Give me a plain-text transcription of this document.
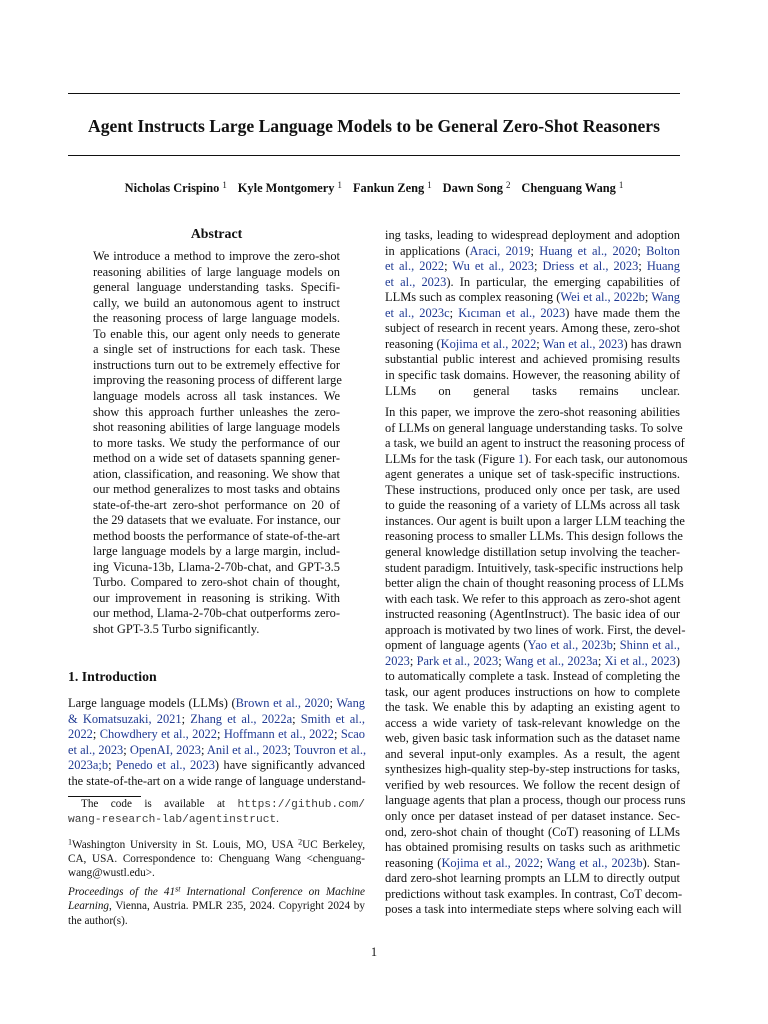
Agent Instructs Large Language Models to be General Zero-Shot Reasoners
Nicholas Crispino $^1$ Kyle Montgomery $^1$ Fankun Zeng $^1$ Dawn Song $^2$ Chenguang Wang $^1$
Abstract
We introduce a method to improve the zero-shot
reasoning abilities of large language models on
general language understanding tasks. Specifi-
cally, we build an autonomous agent to instruct
the reasoning process of large language models.
To enable this, our agent only needs to generate
a single set of instructions for each task. These
instructions turn out to be extremely effective for
improving the reasoning process of different large
language models across all task instances. We
show this approach further unleashes the zero-
shot reasoning abilities of large language models
to more tasks. We study the performance of our
method on a wide set of datasets spanning gener-
ation, classification, and reasoning. We show that
our method generalizes to most tasks and obtains
state-of-the-art zero-shot performance on 20 of
the 29 datasets that we evaluate. For instance, our
method boosts the performance of state-of-the-art
large language models by a large margin, includ-
ing Vicuna-13b, Llama-2-70b-chat, and GPT-3.5
Turbo. Compared to zero-shot chain of thought,
our improvement in reasoning is striking. With
our method, Llama-2-70b-chat outperforms zero-
shot GPT-3.5 Turbo significantly.
1. Introduction
Large language models (LLMs) (Brown et al., 2020; Wang
& Komatsuzaki, 2021; Zhang et al., 2022a; Smith et al.,
2022; Chowdhery et al., 2022; Hoffmann et al., 2022; Scao
et al., 2023; OpenAI, 2023; Anil et al., 2023; Touvron et al.,
2023a;b; Penedo et al., 2023) have significantly advanced
the state-of-the-art on a wide range of language understand-
The code is available at https://github.com/
wang-research-lab/agentinstruct.
$^1$Washington University in St. Louis, MO, USA $^2$UC Berkeley,
CA, USA. Correspondence to: Chenguang Wang <chenguang-
wang@wustl.edu>.
Proceedings of the 41st International Conference on Machine
Learning, Vienna, Austria. PMLR 235, 2024. Copyright 2024 by
the author(s).
ing tasks, leading to widespread deployment and adoption
in applications (Araci, 2019; Huang et al., 2020; Bolton
et al., 2022; Wu et al., 2023; Driess et al., 2023; Huang
et al., 2023). In particular, the emerging capabilities of
LLMs such as complex reasoning (Wei et al., 2022b; Wang
et al., 2023c; Kıcıman et al., 2023) have made them the
subject of research in recent years. Among these, zero-shot
reasoning (Kojima et al., 2022; Wan et al., 2023) has drawn
substantial public interest and achieved promising results
in specific task domains. However, the reasoning ability of
LLMs on general tasks remains unclear.
In this paper, we improve the zero-shot reasoning abilities
of LLMs on general language understanding tasks. To solve
a task, we build an agent to instruct the reasoning process of
LLMs for the task (Figure 1). For each task, our autonomous
agent generates a unique set of task-specific instructions.
These instructions, produced only once per task, are used
to guide the reasoning of a variety of LLMs across all task
instances. Our agent is built upon a larger LLM teaching the
reasoning process to smaller LLMs. This design follows the
general knowledge distillation setup involving the teacher-
student paradigm. Intuitively, task-specific instructions help
better align the chain of thought reasoning process of LLMs
with each task. We refer to this approach as zero-shot agent
instructed reasoning (AgentInstruct). The basic idea of our
approach is motivated by two lines of work. First, the devel-
opment of language agents (Yao et al., 2023b; Shinn et al.,
2023; Park et al., 2023; Wang et al., 2023a; Xi et al., 2023)
to automatically complete a task. Instead of completing the
task, our agent produces instructions on how to complete
the task. We enable this by adapting an existing agent to
access a wide variety of task-relevant knowledge on the
web, given basic task information such as the dataset name
and several input-only examples. As a result, the agent
synthesizes high-quality step-by-step instructions for tasks,
verified by web resources. We follow the recent design of
language agents that plan a process, though our process runs
only once per dataset instead of per dataset instance. Sec-
ond, zero-shot chain of thought (CoT) reasoning of LLMs
has obtained promising results on tasks such as arithmetic
reasoning (Kojima et al., 2022; Wang et al., 2023b). Stan-
dard zero-shot learning prompts an LLM to directly output
predictions without task examples. In contrast, CoT decom-
poses a task into intermediate steps where solving each will
1
